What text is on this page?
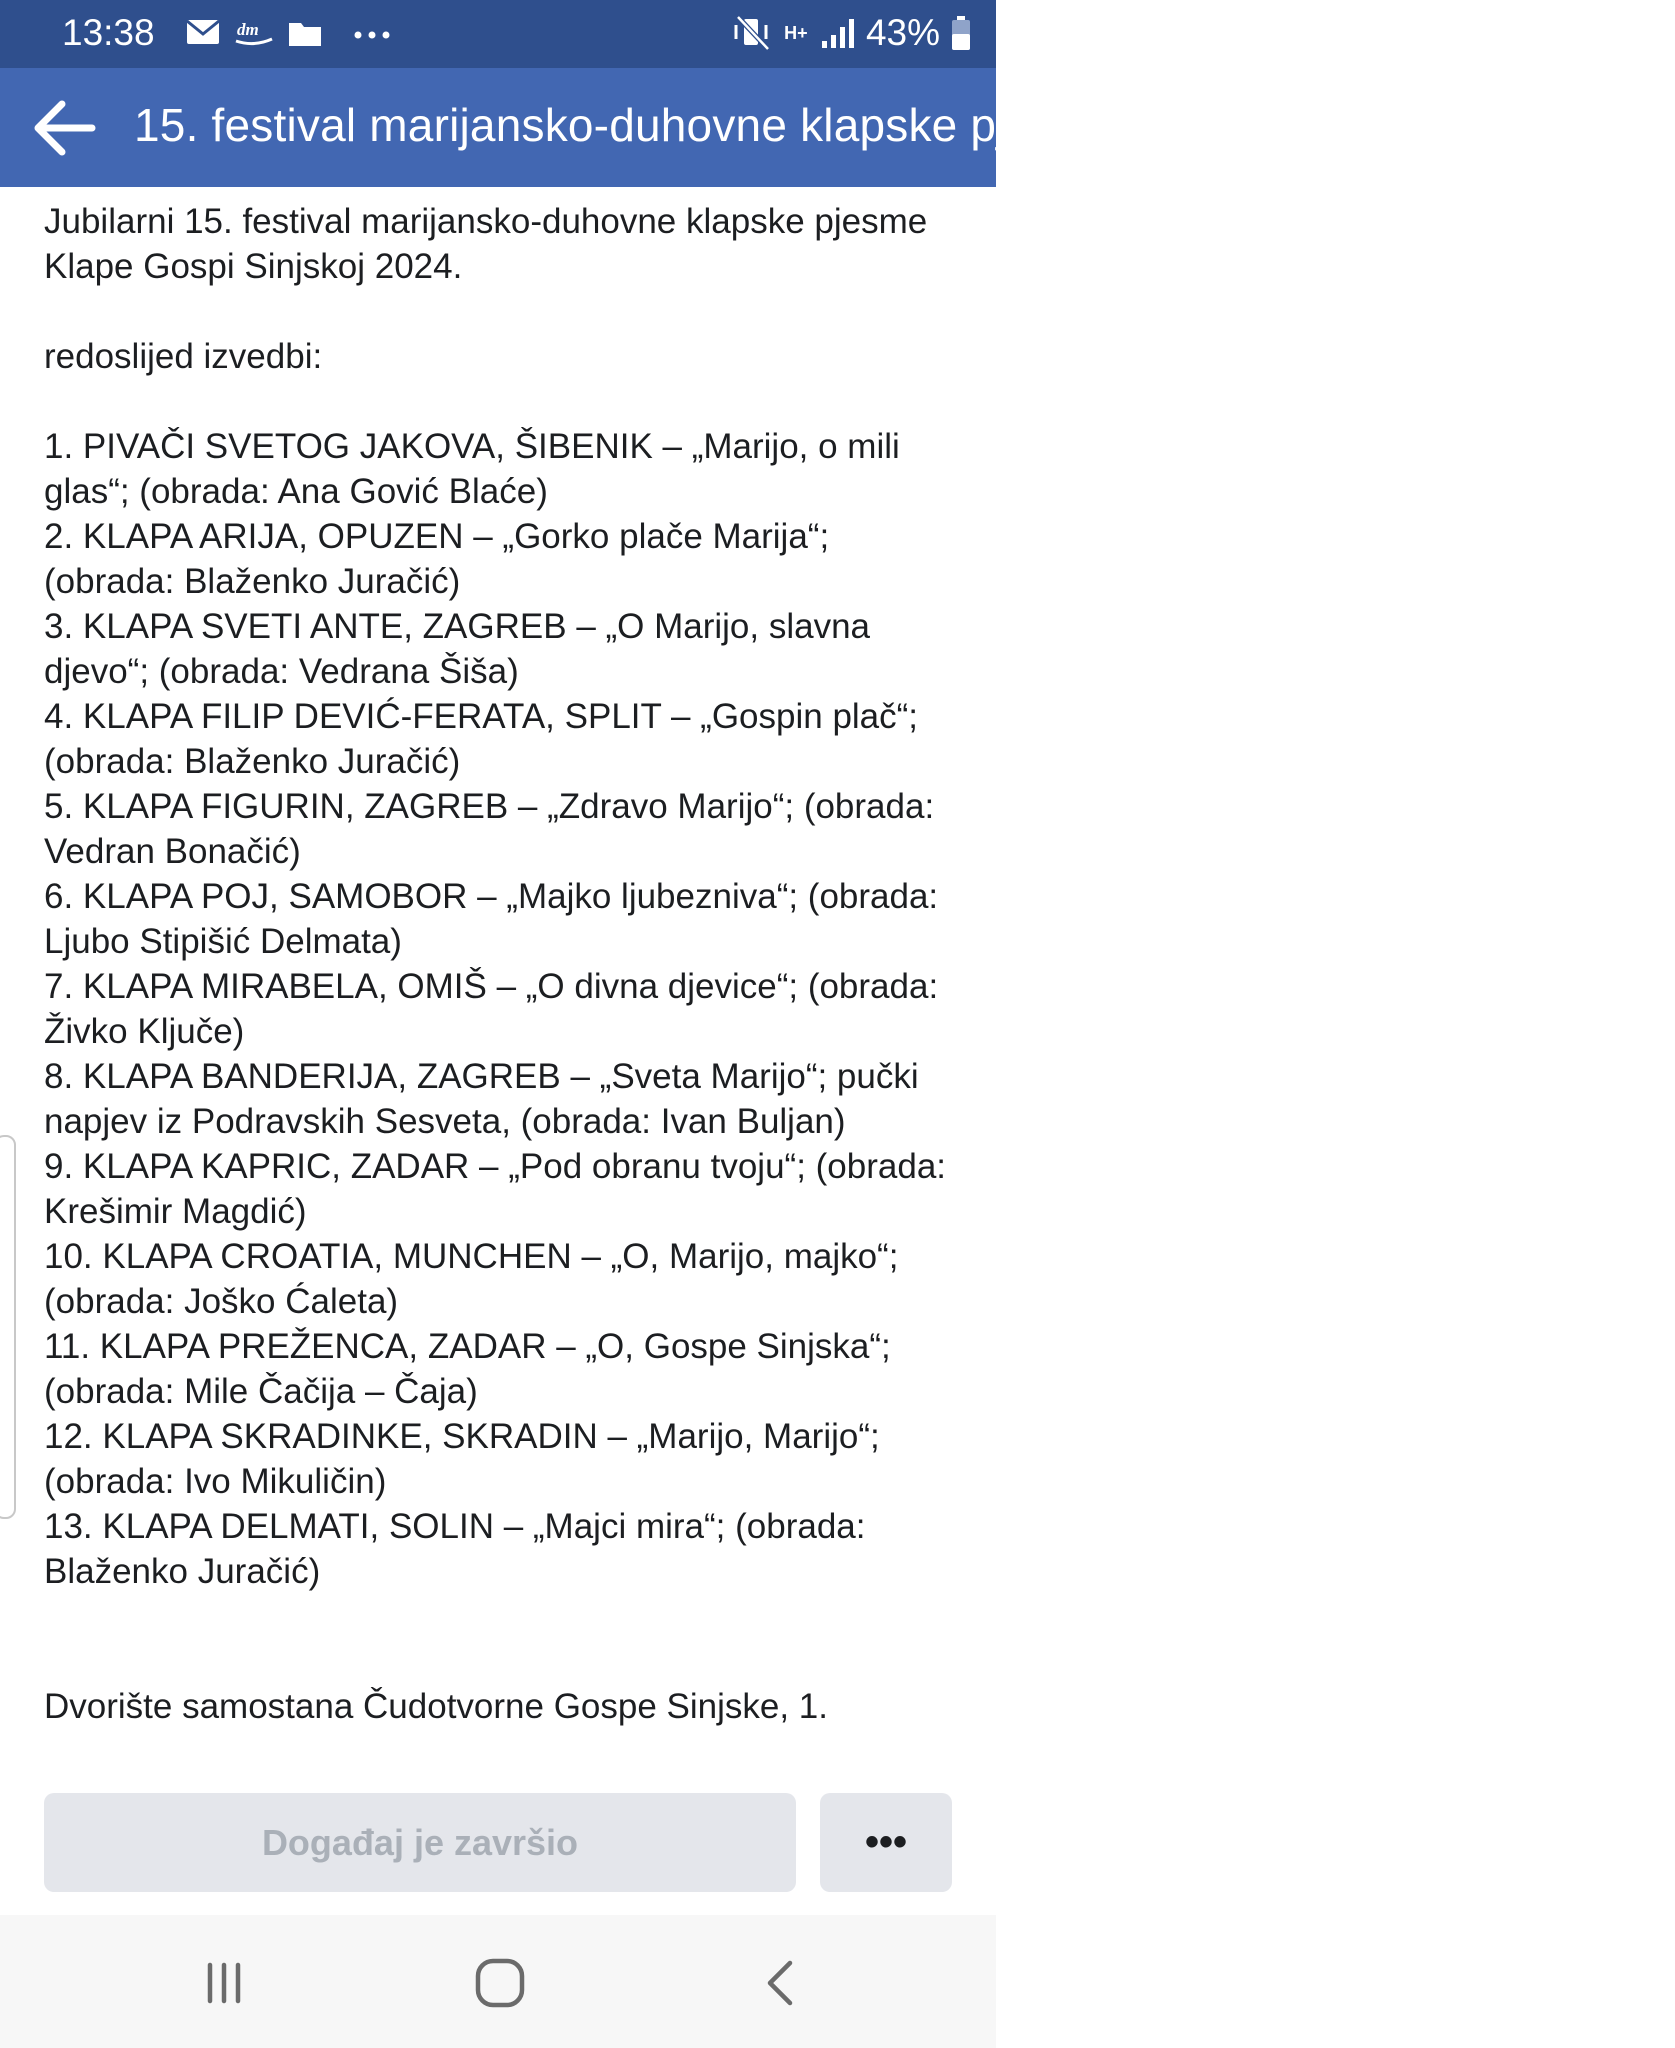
13:38	dm	H+ 43%
15. festival marijansko-duhovne klapske pjesme Klape Gospi Sinjskoj 2024

Jubilarni 15. festival marijansko-duhovne klapske pjesme Klape Gospi Sinjskoj 2024.

redoslijed izvedbi:

1. PIVAČI SVETOG JAKOVA, ŠIBENIK – „Marijo, o mili glas“; (obrada: Ana Gović Blaće)

2. KLAPA ARIJA, OPUZEN – „Gorko plače Marija“; (obrada: Blaženko Juračić)

3. KLAPA SVETI ANTE, ZAGREB – „O Marijo, slavna djevo“; (obrada: Vedrana Šiša)

4. KLAPA FILIP DEVIĆ-FERATA, SPLIT – „Gospin plač“; (obrada: Blaženko Juračić)

5. KLAPA FIGURIN, ZAGREB – „Zdravo Marijo“; (obrada: Vedran Bonačić)

6. KLAPA POJ, SAMOBOR – „Majko ljubezniva“; (obrada: Ljubo Stipišić Delmata)

7. KLAPA MIRABELA, OMIŠ – „O divna djevice“; (obrada: Živko Ključe)

8. KLAPA BANDERIJA, ZAGREB – „Sveta Marijo“; pučki napjev iz Podravskih Sesveta, (obrada: Ivan Buljan)

9. KLAPA KAPRIC, ZADAR – „Pod obranu tvoju“; (obrada: Krešimir Magdić)

10. KLAPA CROATIA, MUNCHEN – „O, Marijo, majko“; (obrada: Joško Ćaleta)

11. KLAPA PREŽENCA, ZADAR – „O, Gospe Sinjska“; (obrada: Mile Čačija – Čaja)

12. KLAPA SKRADINKE, SKRADIN – „Marijo, Marijo“; (obrada: Ivo Mikuličin)

13. KLAPA DELMATI, SOLIN – „Majci mira“; (obrada: Blaženko Juračić)

Dvorište samostana Čudotvorne Gospe Sinjske, 1.

Događaj je završio	•••
